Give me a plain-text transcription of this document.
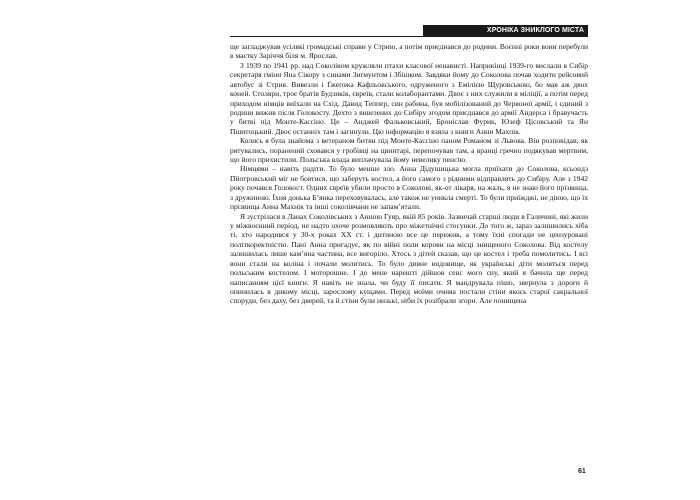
ХРОНІКА ЗНИКЛОГО МІСТА

ще загладжував усілякі громадські справи у Стрию, а потім приєднався до родини. Воєнні роки вони перебули в маєтку Заріччя біля м. Ярослав.

З 1939 по 1941 рр. над Соколівом кружляли птахи класової ненависті. Наприкінці 1939-го вислали в Сибір секретаря ґміни Яна Сікору з синами Зиґмунтом і Збішком. Завдяки йому до Соколова почав ходити рейсовий автобус зі Стрия. Вивезли і Ґжеґожа Кафльовського, одруженого з Емілією Щуровською, бо мав аж двох коней. Столяри, троє братів Будзиків, євреїв, стали колаборантами. Двоє з них служили в міліції, а потім перед приходом німців виїхали на Схід. Давид Теппер, син рабина, був мобілізований до Червоної армії, і єдиний з родини вижив після Голокосту. Дехто з вивезених до Сибіру згодом приєднався до армії Андерса і бравучасть у битві під Монте-Кассіно. Це – Анджей Фальковський, Броніслав Фурик, Юзеф Цісовський та Ян Пшитоцький. Двоє останніх там і загинули. Цю інформацію я взяла з книги Анни Махпік.

Колись я була знайома з ветераном битви під Монте-Кассіно паном Романом зі Львова. Він розповідав, як рятувались, поранений сховався у гробівці на цвинтарі, перепочував там, а вранці гречно подякував мертвим, що його прихистили. Польська влада виплачувала йому невелику пенсію.

Німцями – навіть радіти. То було менше зло. Анна Дідушицька могла приїхати до Соколова, ксьондз Пйотровський міг не боятися, що заберуть костел, а його самого з рідними відправлять до Сибіру. Але з 1942 року почався Голокост. Одних євреїв убили просто в Соколові, як-от лікаря, на жаль, я не знаю його прізвища, з дружиною. Їхня донька Б’янка переховувалась, але також не уникла смерті. То були приїжджі, не діюю, що їх прізвища Анна Махнік та інші соколівчани не запам’ятали.

Я зустрілася в Ланах Соколівських з Анною Гуяр, якій 85 років. Зазвичай старші люди в Галичині, які жили у міжвоєнний період, не надто охоче розмовляють про міжетнічні стосунки. До того ж, зараз залишились хіба ті, хто народився у 30-х роках XX ст. і дитиною все це пережив, а тому їхні спогади не цензуровані політкоректністю. Пані Анна пригадує, як по війні поли корови на місці знищеного Соколова. Від костелу залишилась лише кам’яна частина, все вигоріло. Хтось з дітей сказав, що це костел і треба помолитись. І всі вони стали на коліна і почали молитись. То було дивне видовище, як українські діти моляться перед польським костелом. І моторошне. І до мене нарешті дійшов сенс мого сну, який я бачила ще перед написанням цієї книги. Я навіть не знала, чи буду її писати. Я мандрувала пішо, звернула з дороги й опинилась в дикому місці, зарослому кущами. Перед моїми очима постали стіни якось старої сакральної споруди, без даху, без дверей, та й стіни були низькі, ніби їх розібрали згори. Але понищена

61
